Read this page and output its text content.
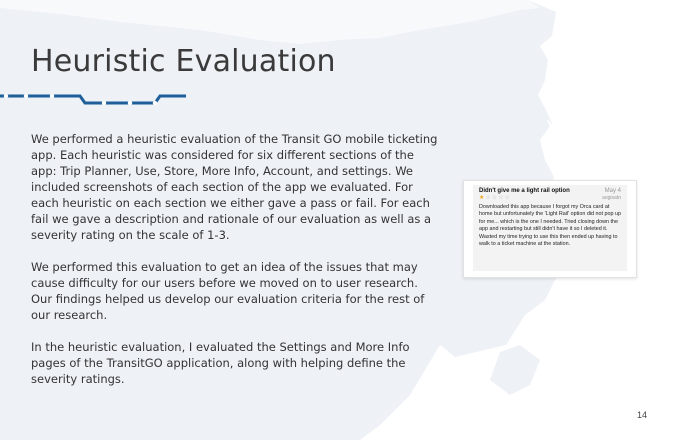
Heuristic Evaluation

We performed a heuristic evaluation of the Transit GO mobile ticketing app. Each heuristic was considered for six different sections of the app: Trip Planner, Use, Store, More Info, Account, and settings. We included screenshots of each section of the app we evaluated. For each heuristic on each section we either gave a pass or fail. For each fail we gave a description and rationale of our evaluation as well as a severity rating on the scale of 1-3.

We performed this evaluation to get an idea of the issues that may cause difficulty for our users before we moved on to user research. Our findings helped us develop our evaluation criteria for the rest of our research.

In the heuristic evaluation, I evaluated the Settings and More Info pages of the TransitGO application, along with helping define the severity ratings.

Didn't give me a light rail option	May 4
★ ☆ ☆ ☆ ☆	aogisatn
Downloaded this app because I forgot my Orca card at home but unfortunately the 'Light Rail' option did not pop up for me... which is the one I needed. Tried closing down the app and restarting but still didn't have it so I deleted it. Wasted my time trying to use this then ended up having to walk to a ticket machine at the station.
14
